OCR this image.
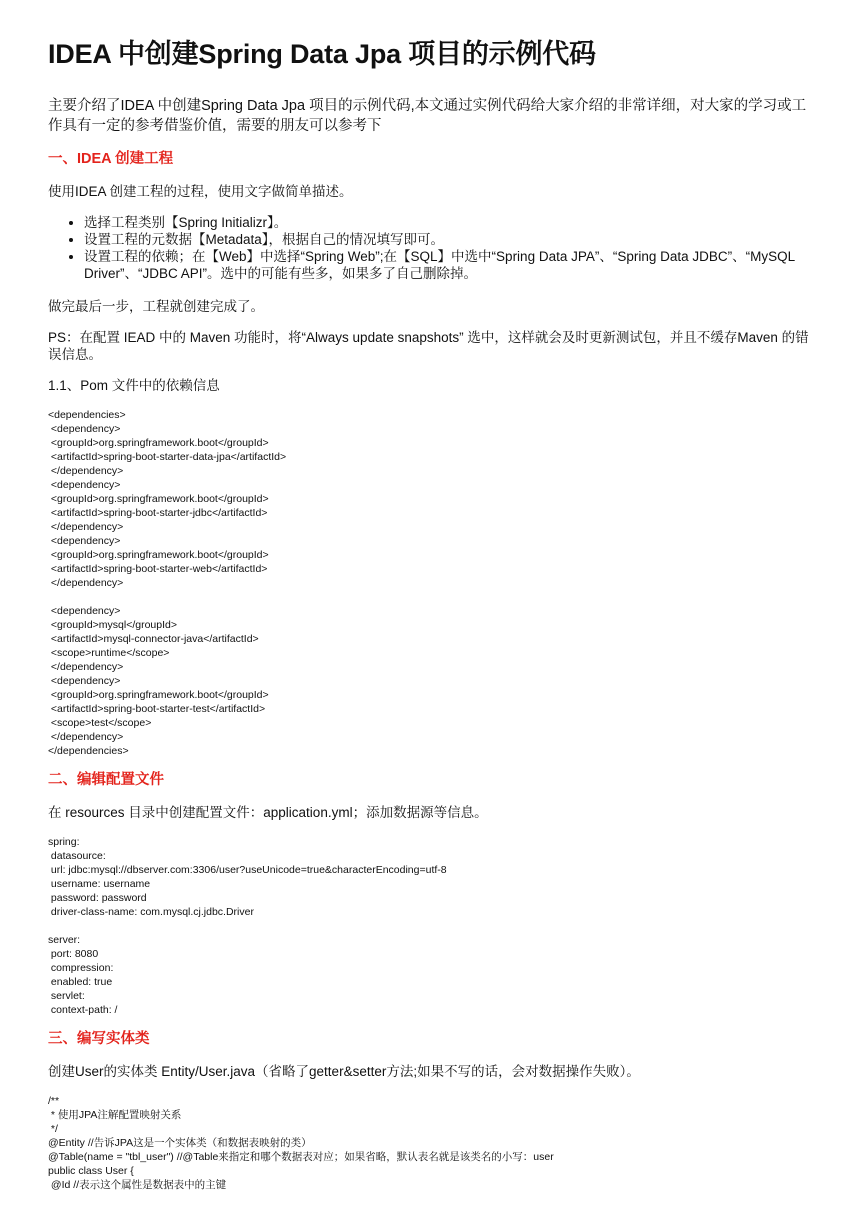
IDEA 中创建Spring Data Jpa 项目的示例代码
主要介绍了IDEA 中创建Spring Data Jpa 项目的示例代码,本文通过实例代码给大家介绍的非常详细，对大家的学习或工作具有一定的参考借鉴价值，需要的朋友可以参考下
一、IDEA 创建工程

使用IDEA 创建工程的过程，使用文字做简单描述。

• 选择工程类别【Spring Initializr】。
• 设置工程的元数据【Metadata】，根据自己的情况填写即可。
• 设置工程的依赖；在【Web】中选择“Spring Web”;在【SQL】中选中“Spring Data JPA”、“Spring Data JDBC”、“MySQL Driver”、“JDBC API”。选中的可能有些多，如果多了自己删除掉。

做完最后一步，工程就创建完成了。

PS：在配置 IEAD 中的 Maven 功能时，将“Always update snapshots” 选中，这样就会及时更新测试包，并且不缓存Maven 的错误信息。

1.1、Pom 文件中的依赖信息

<dependencies>
<dependency>
<groupId>org.springframework.boot</groupId>
<artifactId>spring-boot-starter-data-jpa</artifactId>
</dependency>
<dependency>
<groupId>org.springframework.boot</groupId>
<artifactId>spring-boot-starter-jdbc</artifactId>
</dependency>
<dependency>
<groupId>org.springframework.boot</groupId>
<artifactId>spring-boot-starter-web</artifactId>
</dependency>

<dependency>
<groupId>mysql</groupId>
<artifactId>mysql-connector-java</artifactId>
<scope>runtime</scope>
</dependency>
<dependency>
<groupId>org.springframework.boot</groupId>
<artifactId>spring-boot-starter-test</artifactId>
<scope>test</scope>
</dependency>
</dependencies>
二、编辑配置文件

在 resources 目录中创建配置文件：application.yml；添加数据源等信息。

spring:
datasource:
url: jdbc:mysql://dbserver.com:3306/user?useUnicode=true&characterEncoding=utf-8
username: username
password: password
driver-class-name: com.mysql.cj.jdbc.Driver

server:
port: 8080
compression:
enabled: true
servlet:
context-path: /
三、编写实体类

创建User的实体类 Entity/User.java（省略了getter&setter方法;如果不写的话，会对数据操作失败）。

/**
* 使用JPA注解配置映射关系
*/
@Entity //告诉JPA这是一个实体类（和数据表映射的类）
@Table(name = "tbl_user") //@Table来指定和哪个数据表对应；如果省略，默认表名就是该类名的小写：user
public class User {
@Id //表示这个属性是数据表中的主键
